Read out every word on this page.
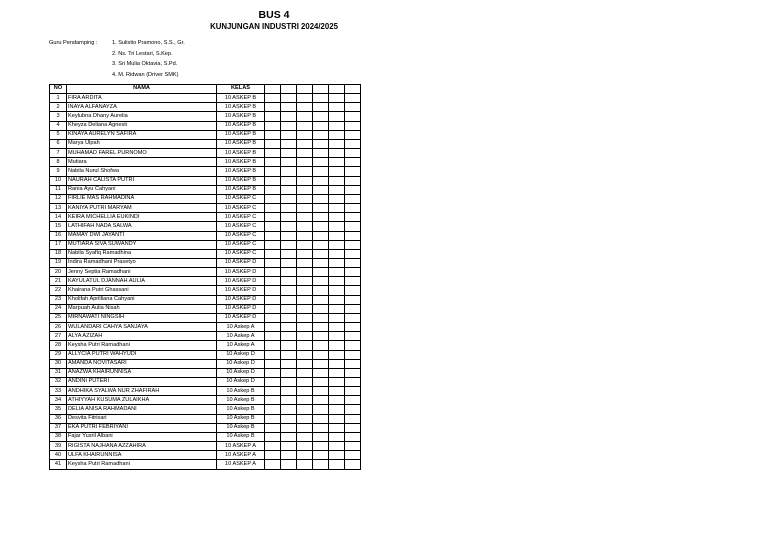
BUS 4
KUNJUNGAN INDUSTRI 2024/2025
Guru Pendamping :	1. Sulistio Pramono, S.S., Gr.
2. Ns. Tri Lestari, S.Kep.
3. Sri Mulia Oktavia, S.Pd.
4. M. Ridwan (Driver SMK)
NO	NAMA	KELAS						
1	FIRA ARDITA	10 ASKEP B						
2	INAYA ALFANAYZA	10 ASKEP B						
3	Keylubna Dhany Aurelia	10 ASKEP B						
4	Kheyza Deliana Agnesti	10 ASKEP B						
5	KINAYA AURELYN SAFIRA	10 ASKEP B						
6	Marya Ulpah	10 ASKEP B						
7	MUHAMAD FAREL PURNOMO	10 ASKEP B						
8	Mutiara	10 ASKEP B						
9	Nabila Nurul Shofwa	10 ASKEP B						
10	NAURAH CALISTA PUTRI	10 ASKEP B						
11	Rania Ayu Cahyani	10 ASKEP B						
12	FIRLIE MAS RAHMADINA	10 ASKEP C						
13	KANIYA PUTRI MARYAM	10 ASKEP C						
14	KEIRA MICHELLIA EUKINDI	10 ASKEP C						
15	LATHIFAH NADA SALWA	10 ASKEP C						
16	MAMAY DWI JAYANTI	10 ASKEP C						
17	MUTIARA SIVA SUWANDY	10 ASKEP C						
18	Nabila Syafiq Ramadhina	10 ASKEP C						
19	Indira Ramadhani Prasetyo	10 ASKEP D						
20	Jenny Septia Ramadhani	10 ASKEP D						
21	KAYULATUL DJANNAH AULIA	10 ASKEP D						
22	Khairana Putri Ghassani	10 ASKEP D						
23	Kholifah Aprilliana Cahyani	10 ASKEP D						
24	Marpuah Aulia Nisah	10 ASKEP D						
25	MIRNAWATI NINGSIH	10 ASKEP D						
26	WULANDARI CAHYA SANJAYA	10 Askep A						
27	ALYA AZIZAH	10 Askep A						
28	Keysha Putri Ramadhani	10 Askep A						
29	ALLYCIA PUTRI WAHYUDI	10 Askep D						
30	AMANDA NOVITASARI	10 Askep D						
31	ANAZWA KHAIRUNNISA	10 Askep D						
32	ANDINI PUTERI	10 Askep D						
33	ANDHIKA SYALWA NUR ZHAFIRAH	10 Askep B						
34	ATHIYYAH KUSUMA ZULAIKHA	10 Askep B						
35	DELIA ANISA RAHMADANI	10 Askep B						
36	Desvita Fitrisari	10 Askep B						
37	EKA PUTRI FEBRIYANI	10 Askep B						
38	Fajar Yusril Albani	10 Askep B						
39	RIGISTA NAJHANA AZZAHIRA	10 ASKEP A						
40	ULFA KHAIRUNNISA	10 ASKEP A						
41	Keysha Putri Ramadhani	10 ASKEP A						
